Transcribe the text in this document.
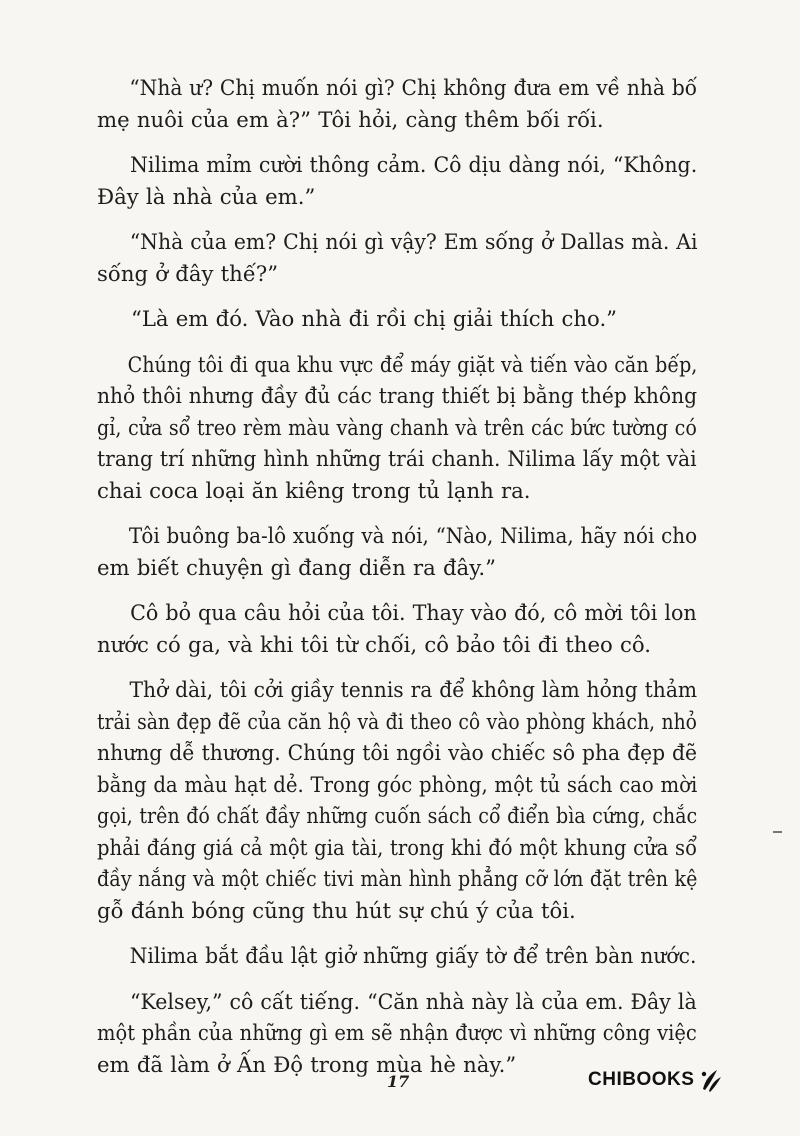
“Nhà ư? Chị muốn nói gì? Chị không đưa em về nhà bố
mẹ nuôi của em à?” Tôi hỏi, càng thêm bối rối.

Nilima mỉm cười thông cảm. Cô dịu dàng nói, “Không.
Đây là nhà của em.”

“Nhà của em? Chị nói gì vậy? Em sống ở Dallas mà. Ai
sống ở đây thế?”

“Là em đó. Vào nhà đi rồi chị giải thích cho.”

Chúng tôi đi qua khu vực để máy giặt và tiến vào căn bếp,
nhỏ thôi nhưng đầy đủ các trang thiết bị bằng thép không
gỉ, cửa sổ treo rèm màu vàng chanh và trên các bức tường có
trang trí những hình những trái chanh. Nilima lấy một vài
chai coca loại ăn kiêng trong tủ lạnh ra.

Tôi buông ba-lô xuống và nói, “Nào, Nilima, hãy nói cho
em biết chuyện gì đang diễn ra đây.”

Cô bỏ qua câu hỏi của tôi. Thay vào đó, cô mời tôi lon
nước có ga, và khi tôi từ chối, cô bảo tôi đi theo cô.

Thở dài, tôi cởi giầy tennis ra để không làm hỏng thảm
trải sàn đẹp đẽ của căn hộ và đi theo cô vào phòng khách, nhỏ
nhưng dễ thương. Chúng tôi ngồi vào chiếc sô pha đẹp đẽ
bằng da màu hạt dẻ. Trong góc phòng, một tủ sách cao mời
gọi, trên đó chất đầy những cuốn sách cổ điển bìa cứng, chắc
phải đáng giá cả một gia tài, trong khi đó một khung cửa sổ
đầy nắng và một chiếc tivi màn hình phẳng cỡ lớn đặt trên kệ
gỗ đánh bóng cũng thu hút sự chú ý của tôi.

Nilima bắt đầu lật giở những giấy tờ để trên bàn nước.

“Kelsey,” cô cất tiếng. “Căn nhà này là của em. Đây là
một phần của những gì em sẽ nhận được vì những công việc
em đã làm ở Ấn Độ trong mùa hè này.”

17	CHIBOOKS
